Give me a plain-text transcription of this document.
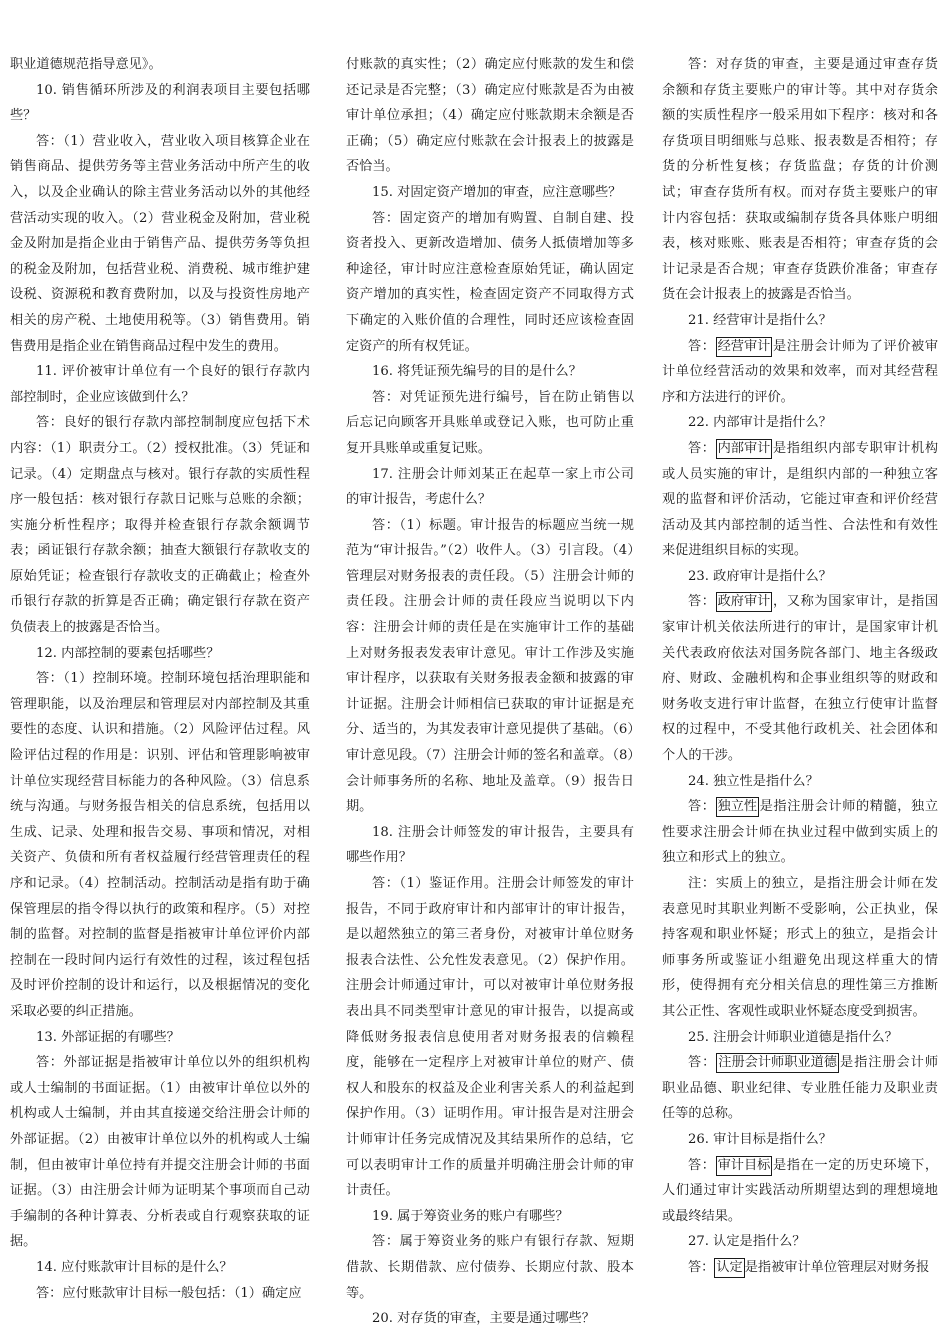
职业道德规范指导意见》。

10. 销售循环所涉及的利润表项目主要包括哪些？

答：（1）营业收入，营业收入项目核算企业在销售商品、提供劳务等主营业务活动中所产生的收入，以及企业确认的除主营业务活动以外的其他经营活动实现的收入。（2）营业税金及附加，营业税金及附加是指企业由于销售产品、提供劳务等负担的税金及附加，包括营业税、消费税、城市维护建设税、资源税和教育费附加，以及与投资性房地产相关的房产税、土地使用税等。（3）销售费用。销售费用是指企业在销售商品过程中发生的费用。

11. 评价被审计单位有一个良好的银行存款内部控制时，企业应该做到什么？

答：良好的银行存款内部控制制度应包括下术内容：（1）职责分工。（2）授权批准。（3）凭证和记录。（4）定期盘点与核对。银行存款的实质性程序一般包括：核对银行存款日记账与总账的余额；实施分析性程序；取得并检查银行存款余额调节表；函证银行存款余额；抽查大额银行存款收支的原始凭证；检查银行存款收支的正确截止；检查外币银行存款的折算是否正确；确定银行存款在资产负债表上的披露是否恰当。

12. 内部控制的要素包括哪些？

答：（1）控制环境。控制环境包括治理职能和管理职能，以及治理层和管理层对内部控制及其重要性的态度、认识和措施。（2）风险评估过程。风险评估过程的作用是：识别、评估和管理影响被审计单位实现经营目标能力的各种风险。（3）信息系统与沟通。与财务报告相关的信息系统，包括用以生成、记录、处理和报告交易、事项和情况，对相关资产、负债和所有者权益履行经营管理责任的程序和记录。（4）控制活动。控制活动是指有助于确保管理层的指令得以执行的政策和程序。（5）对控制的监督。对控制的监督是指被审计单位评价内部控制在一段时间内运行有效性的过程，该过程包括及时评价控制的设计和运行，以及根据情况的变化采取必要的纠正措施。

13. 外部证据的有哪些？

答：外部证据是指被审计单位以外的组织机构或人士编制的书面证据。（1）由被审计单位以外的机构或人士编制，并由其直接递交给注册会计师的外部证据。（2）由被审计单位以外的机构或人士编制，但由被审计单位持有并提交注册会计师的书面证据。（3）由注册会计师为证明某个事项而自己动手编制的各种计算表、分析表或自行观察获取的证据。

14. 应付账款审计目标的是什么？

答：应付账款审计目标一般包括：（1）确定应

付账款的真实性；（2）确定应付账款的发生和偿还记录是否完整；（3）确定应付账款是否为由被审计单位承担；（4）确定应付账款期末余额是否正确；（5）确定应付账款在会计报表上的披露是否恰当。

15. 对固定资产增加的审查，应注意哪些？

答：固定资产的增加有购置、自制自建、投资者投入、更新改造增加、债务人抵债增加等多种途径，审计时应注意检查原始凭证，确认固定资产增加的真实性，检查固定资产不同取得方式下确定的入账价值的合理性，同时还应该检查固定资产的所有权凭证。

16. 将凭证预先编号的目的是什么？

答：对凭证预先进行编号，旨在防止销售以后忘记向顾客开具账单或登记入账，也可防止重复开具账单或重复记账。

17. 注册会计师刘某正在起草一家上市公司的审计报告，考虑什么？

答：（1）标题。审计报告的标题应当统一规范为“审计报告。”（2）收件人。（3）引言段。（4）管理层对财务报表的责任段。（5）注册会计师的责任段。注册会计师的责任段应当说明以下内容：注册会计师的责任是在实施审计工作的基础上对财务报表发表审计意见。审计工作涉及实施审计程序，以获取有关财务报表金额和披露的审计证据。注册会计师相信已获取的审计证据是充分、适当的，为其发表审计意见提供了基础。（6）审计意见段。（7）注册会计师的签名和盖章。（8）会计师事务所的名称、地址及盖章。（9）报告日期。

18. 注册会计师签发的审计报告，主要具有哪些作用？

答：（1）鉴证作用。注册会计师签发的审计报告，不同于政府审计和内部审计的审计报告，是以超然独立的第三者身份，对被审计单位财务报表合法性、公允性发表意见。（2）保护作用。注册会计师通过审计，可以对被审计单位财务报表出具不同类型审计意见的审计报告，以提高或降低财务报表信息使用者对财务报表的信赖程度，能够在一定程序上对被审计单位的财产、债权人和股东的权益及企业利害关系人的利益起到保护作用。（3）证明作用。审计报告是对注册会计师审计任务完成情况及其结果所作的总结，它可以表明审计工作的质量并明确注册会计师的审计责任。

19. 属于筹资业务的账户有哪些？

答：属于筹资业务的账户有银行存款、短期借款、长期借款、应付债券、长期应付款、股本等。

20. 对存货的审查，主要是通过哪些？

答：对存货的审查，主要是通过审查存货余额和存货主要账户的审计等。其中对存货余额的实质性程序一般采用如下程序：核对和各存货项目明细账与总账、报表数是否相符；存货的分析性复核；存货监盘；存货的计价测试；审查存货所有权。而对存货主要账户的审计内容包括：获取或编制存货各具体账户明细表，核对账账、账表是否相符；审查存货的会计记录是否合规；审查存货跌价准备；审查存货在会计报表上的披露是否恰当。

21. 经营审计是指什么？

答： 经营审计 是注册会计师为了评价被审计单位经营活动的效果和效率，而对其经营程序和方法进行的评价。

22. 内部审计是指什么？

答： 内部审计 是指组织内部专职审计机构或人员实施的审计，是组织内部的一种独立客观的监督和评价活动，它能过审查和评价经营活动及其内部控制的适当性、合法性和有效性来促进组织目标的实现。

23. 政府审计是指什么？

答： 政府审计 ，又称为国家审计，是指国家审计机关依法所进行的审计，是国家审计机关代表政府依法对国务院各部门、地主各级政府、财政、金融机构和企事业组织等的财政和财务收支进行审计监督，在独立行使审计监督权的过程中，不受其他行政机关、社会团体和个人的干涉。

24. 独立性是指什么？

答： 独立性 是指注册会计师的精髓，独立性要求注册会计师在执业过程中做到实质上的独立和形式上的独立。

注：实质上的独立，是指注册会计师在发表意见时其职业判断不受影响，公正执业，保持客观和职业怀疑；形式上的独立，是指会计师事务所或鉴证小组避免出现这样重大的情形，使得拥有充分相关信息的理性第三方推断其公正性、客观性或职业怀疑态度受到损害。

25. 注册会计师职业道德是指什么？

答： 注册会计师职业道德 是指注册会计师职业品德、职业纪律、专业胜任能力及职业责任等的总称。

26. 审计目标是指什么？

答： 审计目标 是指在一定的历史环境下，人们通过审计实践活动所期望达到的理想境地或最终结果。

27. 认定是指什么？

答： 认定 是指被审计单位管理层对财务报
